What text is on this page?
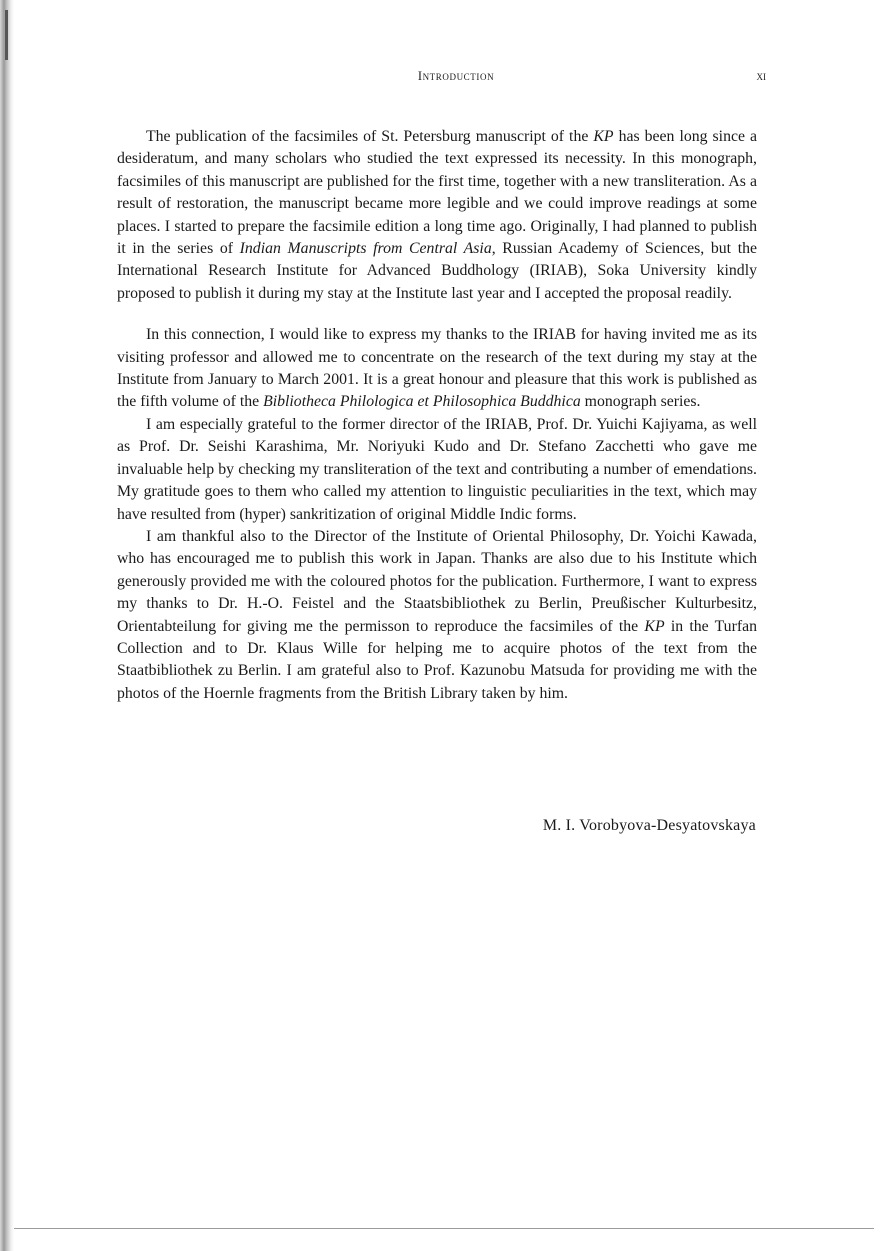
Introduction	xi

The publication of the facsimiles of St. Petersburg manuscript of the KP has been long since a desideratum, and many scholars who studied the text expressed its necessity. In this monograph, facsimiles of this manuscript are published for the first time, together with a new transliteration. As a result of restoration, the manuscript became more legible and we could improve readings at some places. I started to prepare the facsimile edition a long time ago. Originally, I had planned to publish it in the series of Indian Manuscripts from Central Asia, Russian Academy of Sciences, but the International Research Institute for Advanced Buddhology (IRIAB), Soka University kindly proposed to publish it during my stay at the Institute last year and I accepted the proposal readily.

In this connection, I would like to express my thanks to the IRIAB for having invited me as its visiting professor and allowed me to concentrate on the research of the text during my stay at the Institute from January to March 2001. It is a great honour and pleasure that this work is published as the fifth volume of the Bibliotheca Philologica et Philosophica Buddhica monograph series.

I am especially grateful to the former director of the IRIAB, Prof. Dr. Yuichi Kajiyama, as well as Prof. Dr. Seishi Karashima, Mr. Noriyuki Kudo and Dr. Stefano Zacchetti who gave me invaluable help by checking my transliteration of the text and contributing a number of emendations. My gratitude goes to them who called my attention to linguistic peculiarities in the text, which may have resulted from (hyper) sankritization of original Middle Indic forms.

I am thankful also to the Director of the Institute of Oriental Philosophy, Dr. Yoichi Kawada, who has encouraged me to publish this work in Japan. Thanks are also due to his Institute which generously provided me with the coloured photos for the publication. Furthermore, I want to express my thanks to Dr. H.-O. Feistel and the Staatsbibliothek zu Berlin, Preußischer Kulturbesitz, Orientabteilung for giving me the permisson to reproduce the facsimiles of the KP in the Turfan Collection and to Dr. Klaus Wille for helping me to acquire photos of the text from the Staatbibliothek zu Berlin. I am grateful also to Prof. Kazunobu Matsuda for providing me with the photos of the Hoernle fragments from the British Library taken by him.

M. I. Vorobyova-Desyatovskaya
